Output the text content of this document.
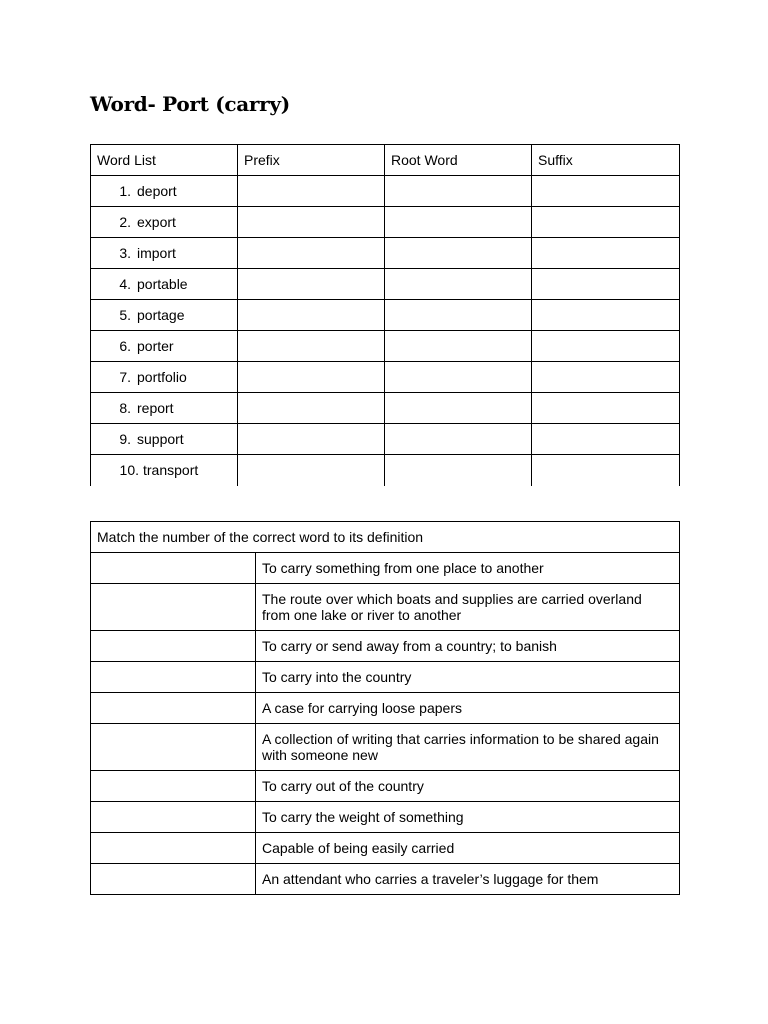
Word- Port (carry)
Word List	Prefix	Root Word	Suffix

1. deport			

2. export			

3. import			

4. portable			

5. portage			

6. porter			

7. portfolio			

8. report			

9. support			

10. transport			

Match the number of the correct word to its definition	
	To carry something from one place to another
	The route over which boats and supplies are carried overland from one lake or river to another
	To carry or send away from a country; to banish
	To carry into the country
	A case for carrying loose papers
	A collection of writing that carries information to be shared again with someone new
	To carry out of the country
	To carry the weight of something
	Capable of being easily carried
	An attendant who carries a traveler’s luggage for them
